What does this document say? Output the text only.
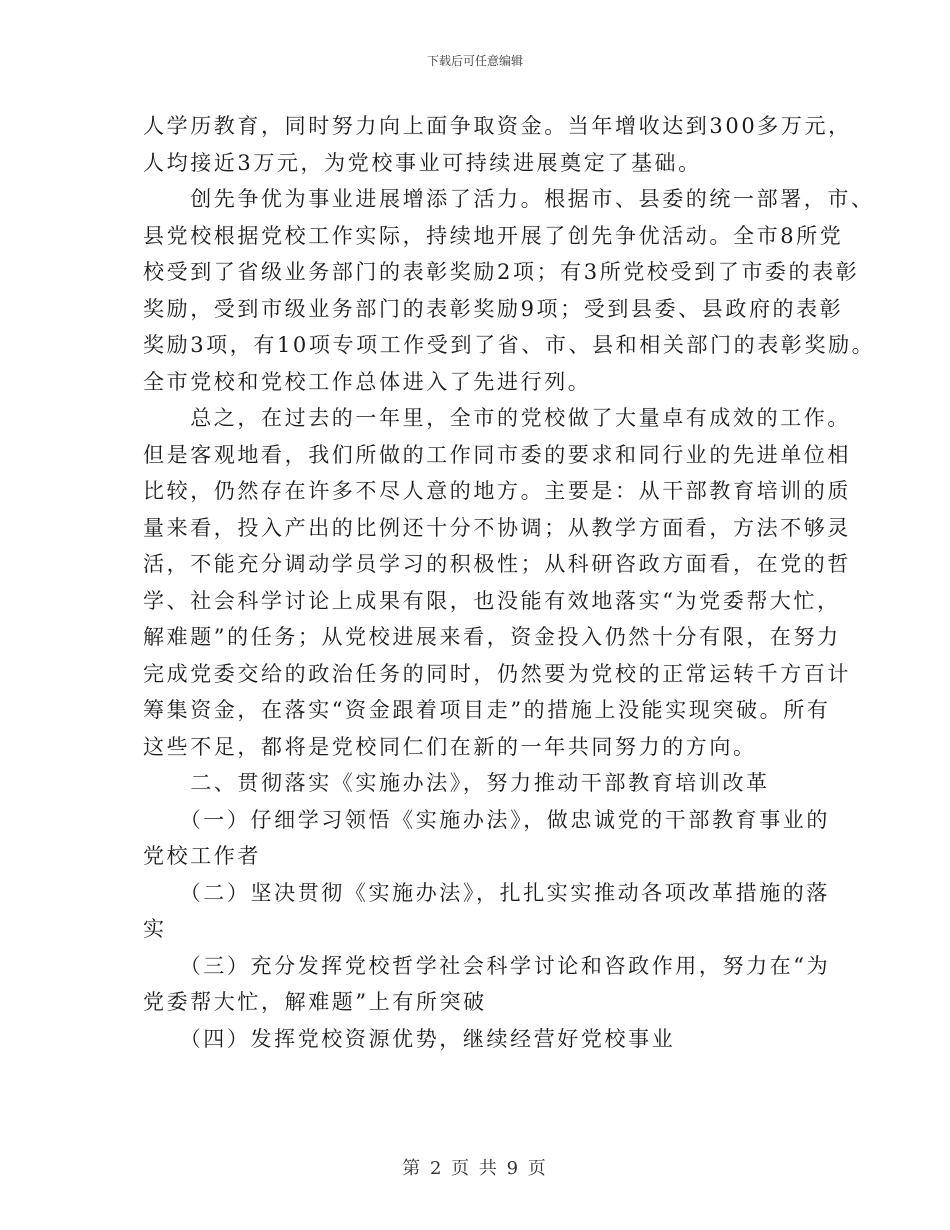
下载后可任意编辑

人学历教育，同时努力向上面争取资金。当年增收达到300多万元，

人均接近3万元，为党校事业可持续进展奠定了基础。

　　创先争优为事业进展增添了活力。根据市、县委的统一部署，市、

县党校根据党校工作实际，持续地开展了创先争优活动。全市8所党

校受到了省级业务部门的表彰奖励2项；有3所党校受到了市委的表彰

奖励，受到市级业务部门的表彰奖励9项；受到县委、县政府的表彰

奖励3项，有10项专项工作受到了省、市、县和相关部门的表彰奖励。

全市党校和党校工作总体进入了先进行列。

　　总之，在过去的一年里，全市的党校做了大量卓有成效的工作。

但是客观地看，我们所做的工作同市委的要求和同行业的先进单位相

比较，仍然存在许多不尽人意的地方。主要是：从干部教育培训的质

量来看，投入产出的比例还十分不协调；从教学方面看，方法不够灵

活，不能充分调动学员学习的积极性；从科研咨政方面看，在党的哲

学、社会科学讨论上成果有限，也没能有效地落实“为党委帮大忙，

解难题”的任务；从党校进展来看，资金投入仍然十分有限，在努力

完成党委交给的政治任务的同时，仍然要为党校的正常运转千方百计

筹集资金，在落实“资金跟着项目走”的措施上没能实现突破。所有

这些不足，都将是党校同仁们在新的一年共同努力的方向。

　　二、贯彻落实《实施办法》，努力推动干部教育培训改革

　　（一）仔细学习领悟《实施办法》，做忠诚党的干部教育事业的

党校工作者

　　（二）坚决贯彻《实施办法》，扎扎实实推动各项改革措施的落

实

　　（三）充分发挥党校哲学社会科学讨论和咨政作用，努力在“为

党委帮大忙，解难题”上有所突破

　　（四）发挥党校资源优势，继续经营好党校事业

第 2 页 共 9 页
